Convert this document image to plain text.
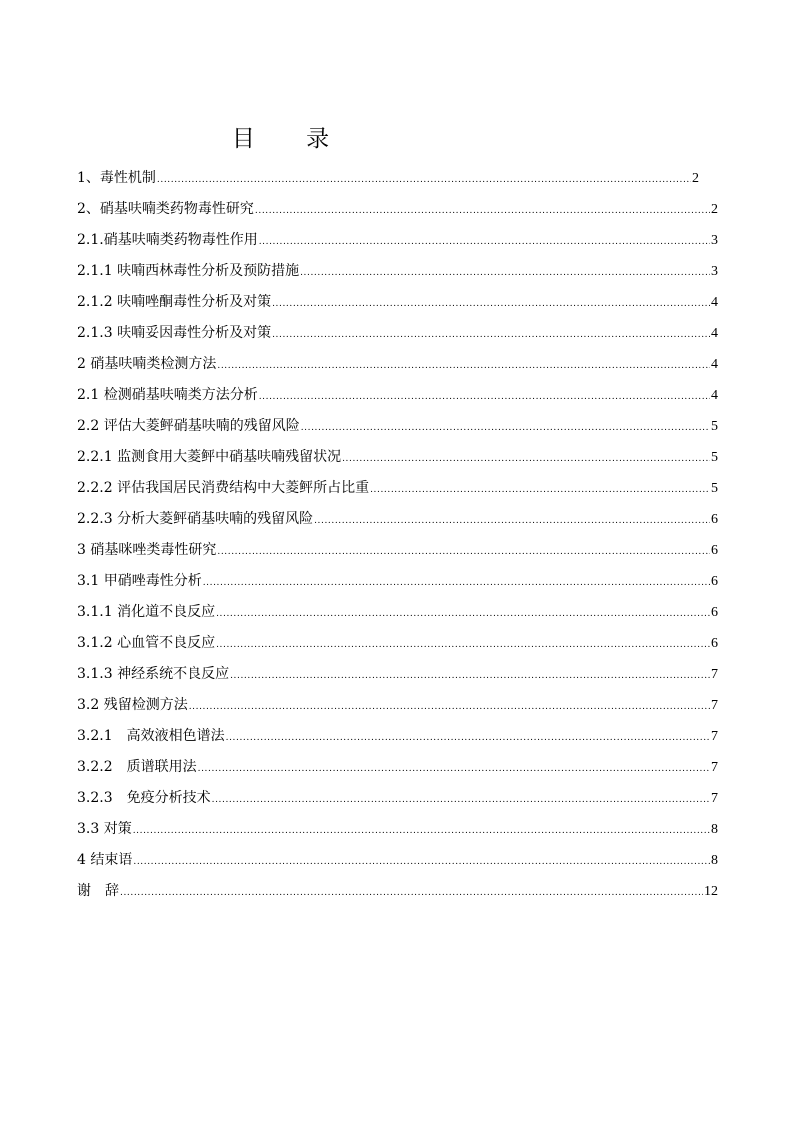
目 录
1、毒性机制 .....	2
2、硝基呋喃类药物毒性研究 .....	2
2.1.硝基呋喃类药物毒性作用 .....	3
2.1.1 呋喃西林毒性分析及预防措施 .....	3
2.1.2 呋喃唑酮毒性分析及对策 .....	4
2.1.3 呋喃妥因毒性分析及对策 .....	4
2 硝基呋喃类检测方法 .....	4
2.1 检测硝基呋喃类方法分析 .....	4
2.2 评估大菱鲆硝基呋喃的残留风险 .....	5
2.2.1 监测食用大菱鲆中硝基呋喃残留状况 .....	5
2.2.2 评估我国居民消费结构中大菱鲆所占比重 .....	5
2.2.3 分析大菱鲆硝基呋喃的残留风险 .....	6
3 硝基咪唑类毒性研究 .....	6
3.1 甲硝唑毒性分析 .....	6
3.1.1 消化道不良反应 .....	6
3.1.2 心血管不良反应 .....	6
3.1.3 神经系统不良反应 .....	7
3.2 残留检测方法 .....	7
3.2.1　高效液相色谱法 .....	7
3.2.2　质谱联用法 .....	7
3.2.3　免疫分析技术 .....	7
3.3 对策 .....	8
4 结束语 .....	8
谢　辞 .....	12
